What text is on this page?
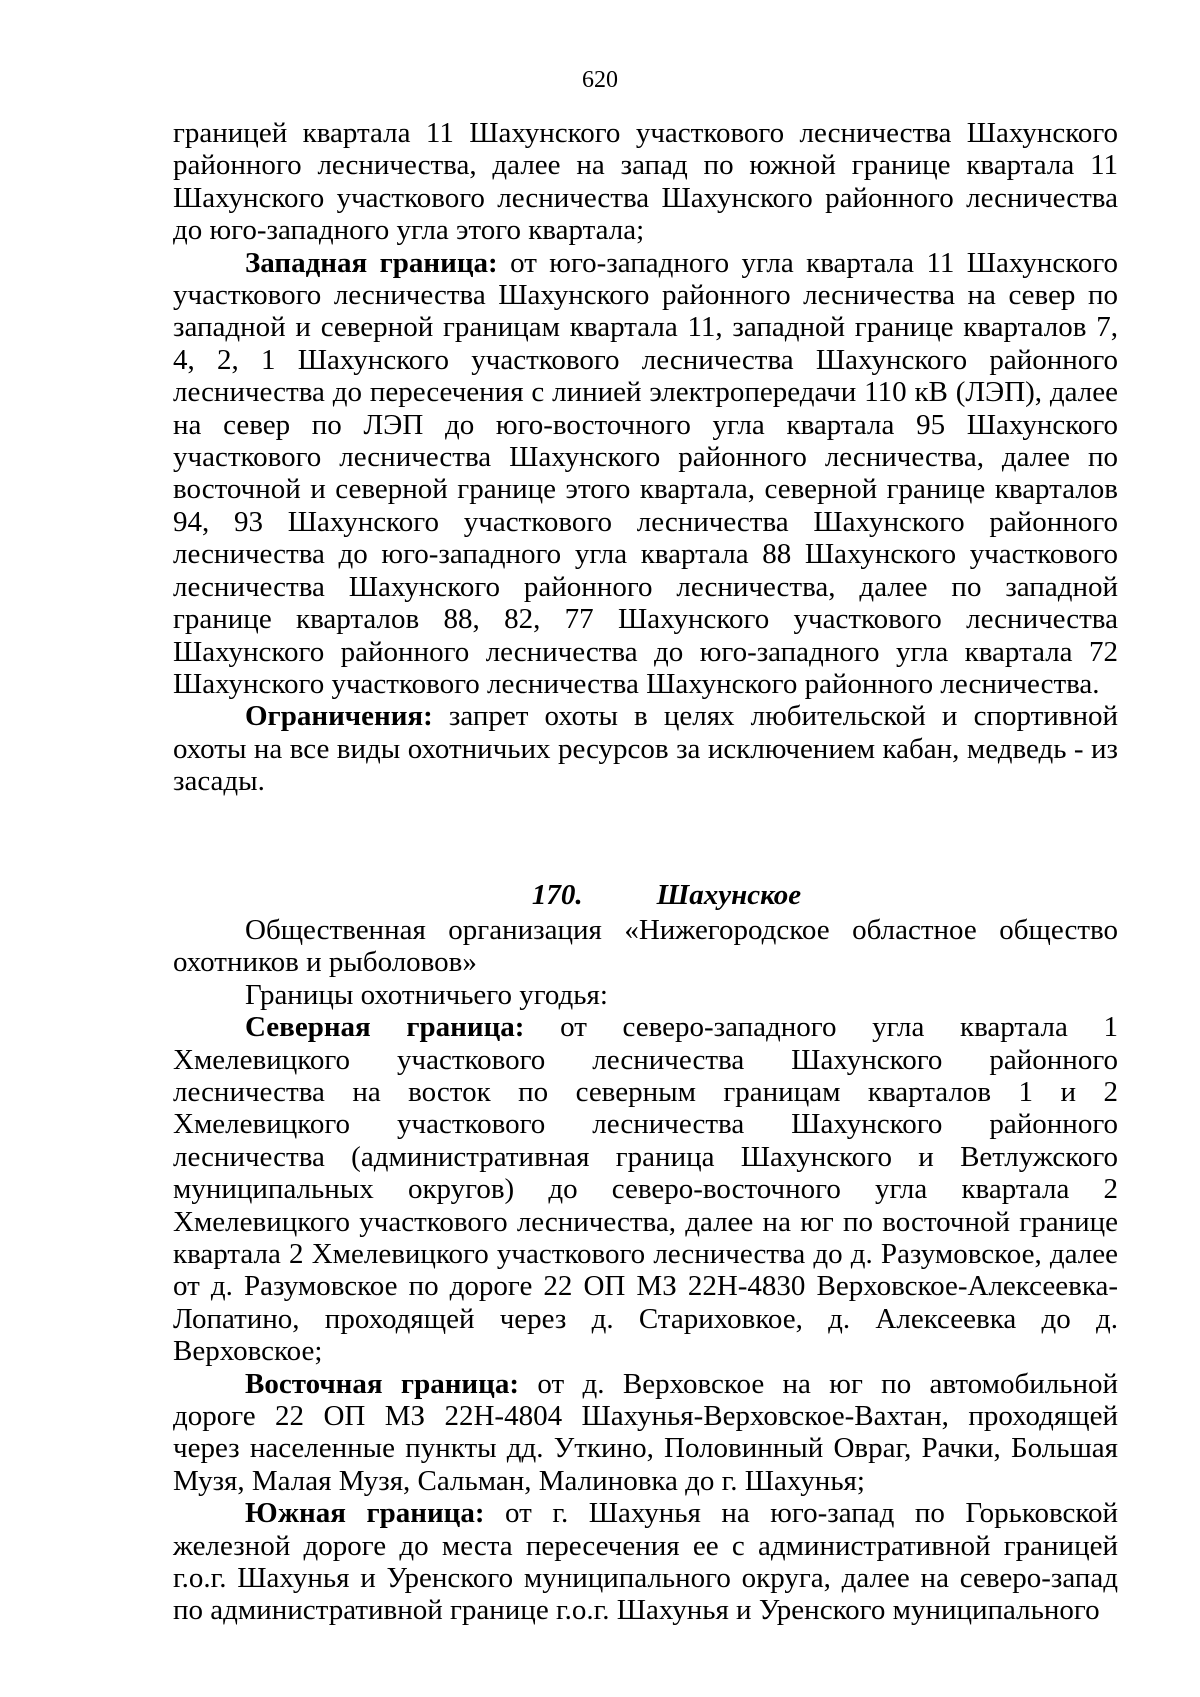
620

границей квартала 11 Шахунского участкового лесничества Шахунского районного лесничества, далее на запад по южной границе квартала 11 Шахунского участкового лесничества Шахунского районного лесничества до юго-западного угла этого квартала;

Западная граница: от юго-западного угла квартала 11 Шахунского участкового лесничества Шахунского районного лесничества на север по западной и северной границам квартала 11, западной границе кварталов 7, 4, 2, 1 Шахунского участкового лесничества Шахунского районного лесничества до пересечения с линией электропередачи 110 кВ (ЛЭП), далее на север по ЛЭП до юго-восточного угла квартала 95 Шахунского участкового лесничества Шахунского районного лесничества, далее по восточной и северной границе этого квартала, северной границе кварталов 94, 93 Шахунского участкового лесничества Шахунского районного лесничества до юго-западного угла квартала 88 Шахунского участкового лесничества Шахунского районного лесничества, далее по западной границе кварталов 88, 82, 77 Шахунского участкового лесничества Шахунского районного лесничества до юго-западного угла квартала 72 Шахунского участкового лесничества Шахунского районного лесничества.

Ограничения: запрет охоты в целях любительской и спортивной охоты на все виды охотничьих ресурсов за исключением кабан, медведь - из засады.

170.	Шахунское

Общественная организация «Нижегородское областное общество охотников и рыболовов»

Границы охотничьего угодья:

Северная граница: от северо-западного угла квартала 1 Хмелевицкого участкового лесничества Шахунского районного лесничества на восток по северным границам кварталов 1 и 2 Хмелевицкого участкового лесничества Шахунского районного лесничества (административная граница Шахунского и Ветлужского муниципальных округов) до северо-восточного угла квартала 2 Хмелевицкого участкового лесничества, далее на юг по восточной границе квартала 2 Хмелевицкого участкового лесничества до д. Разумовское, далее от д. Разумовское по дороге 22 ОП МЗ 22Н-4830 Верховское-Алексеевка-Лопатино, проходящей через д. Стариховкое, д. Алексеевка до д. Верховское;

Восточная граница: от д. Верховское на юг по автомобильной дороге 22 ОП МЗ 22Н-4804 Шахунья-Верховское-Вахтан, проходящей через населенные пункты дд. Уткино, Половинный Овраг, Рачки, Большая Музя, Малая Музя, Сальман, Малиновка до г. Шахунья;

Южная граница: от г. Шахунья на юго-запад по Горьковской железной дороге до места пересечения ее с административной границей г.о.г. Шахунья и Уренского муниципального округа, далее на северо-запад по административной границе г.о.г. Шахунья и Уренского муниципального
